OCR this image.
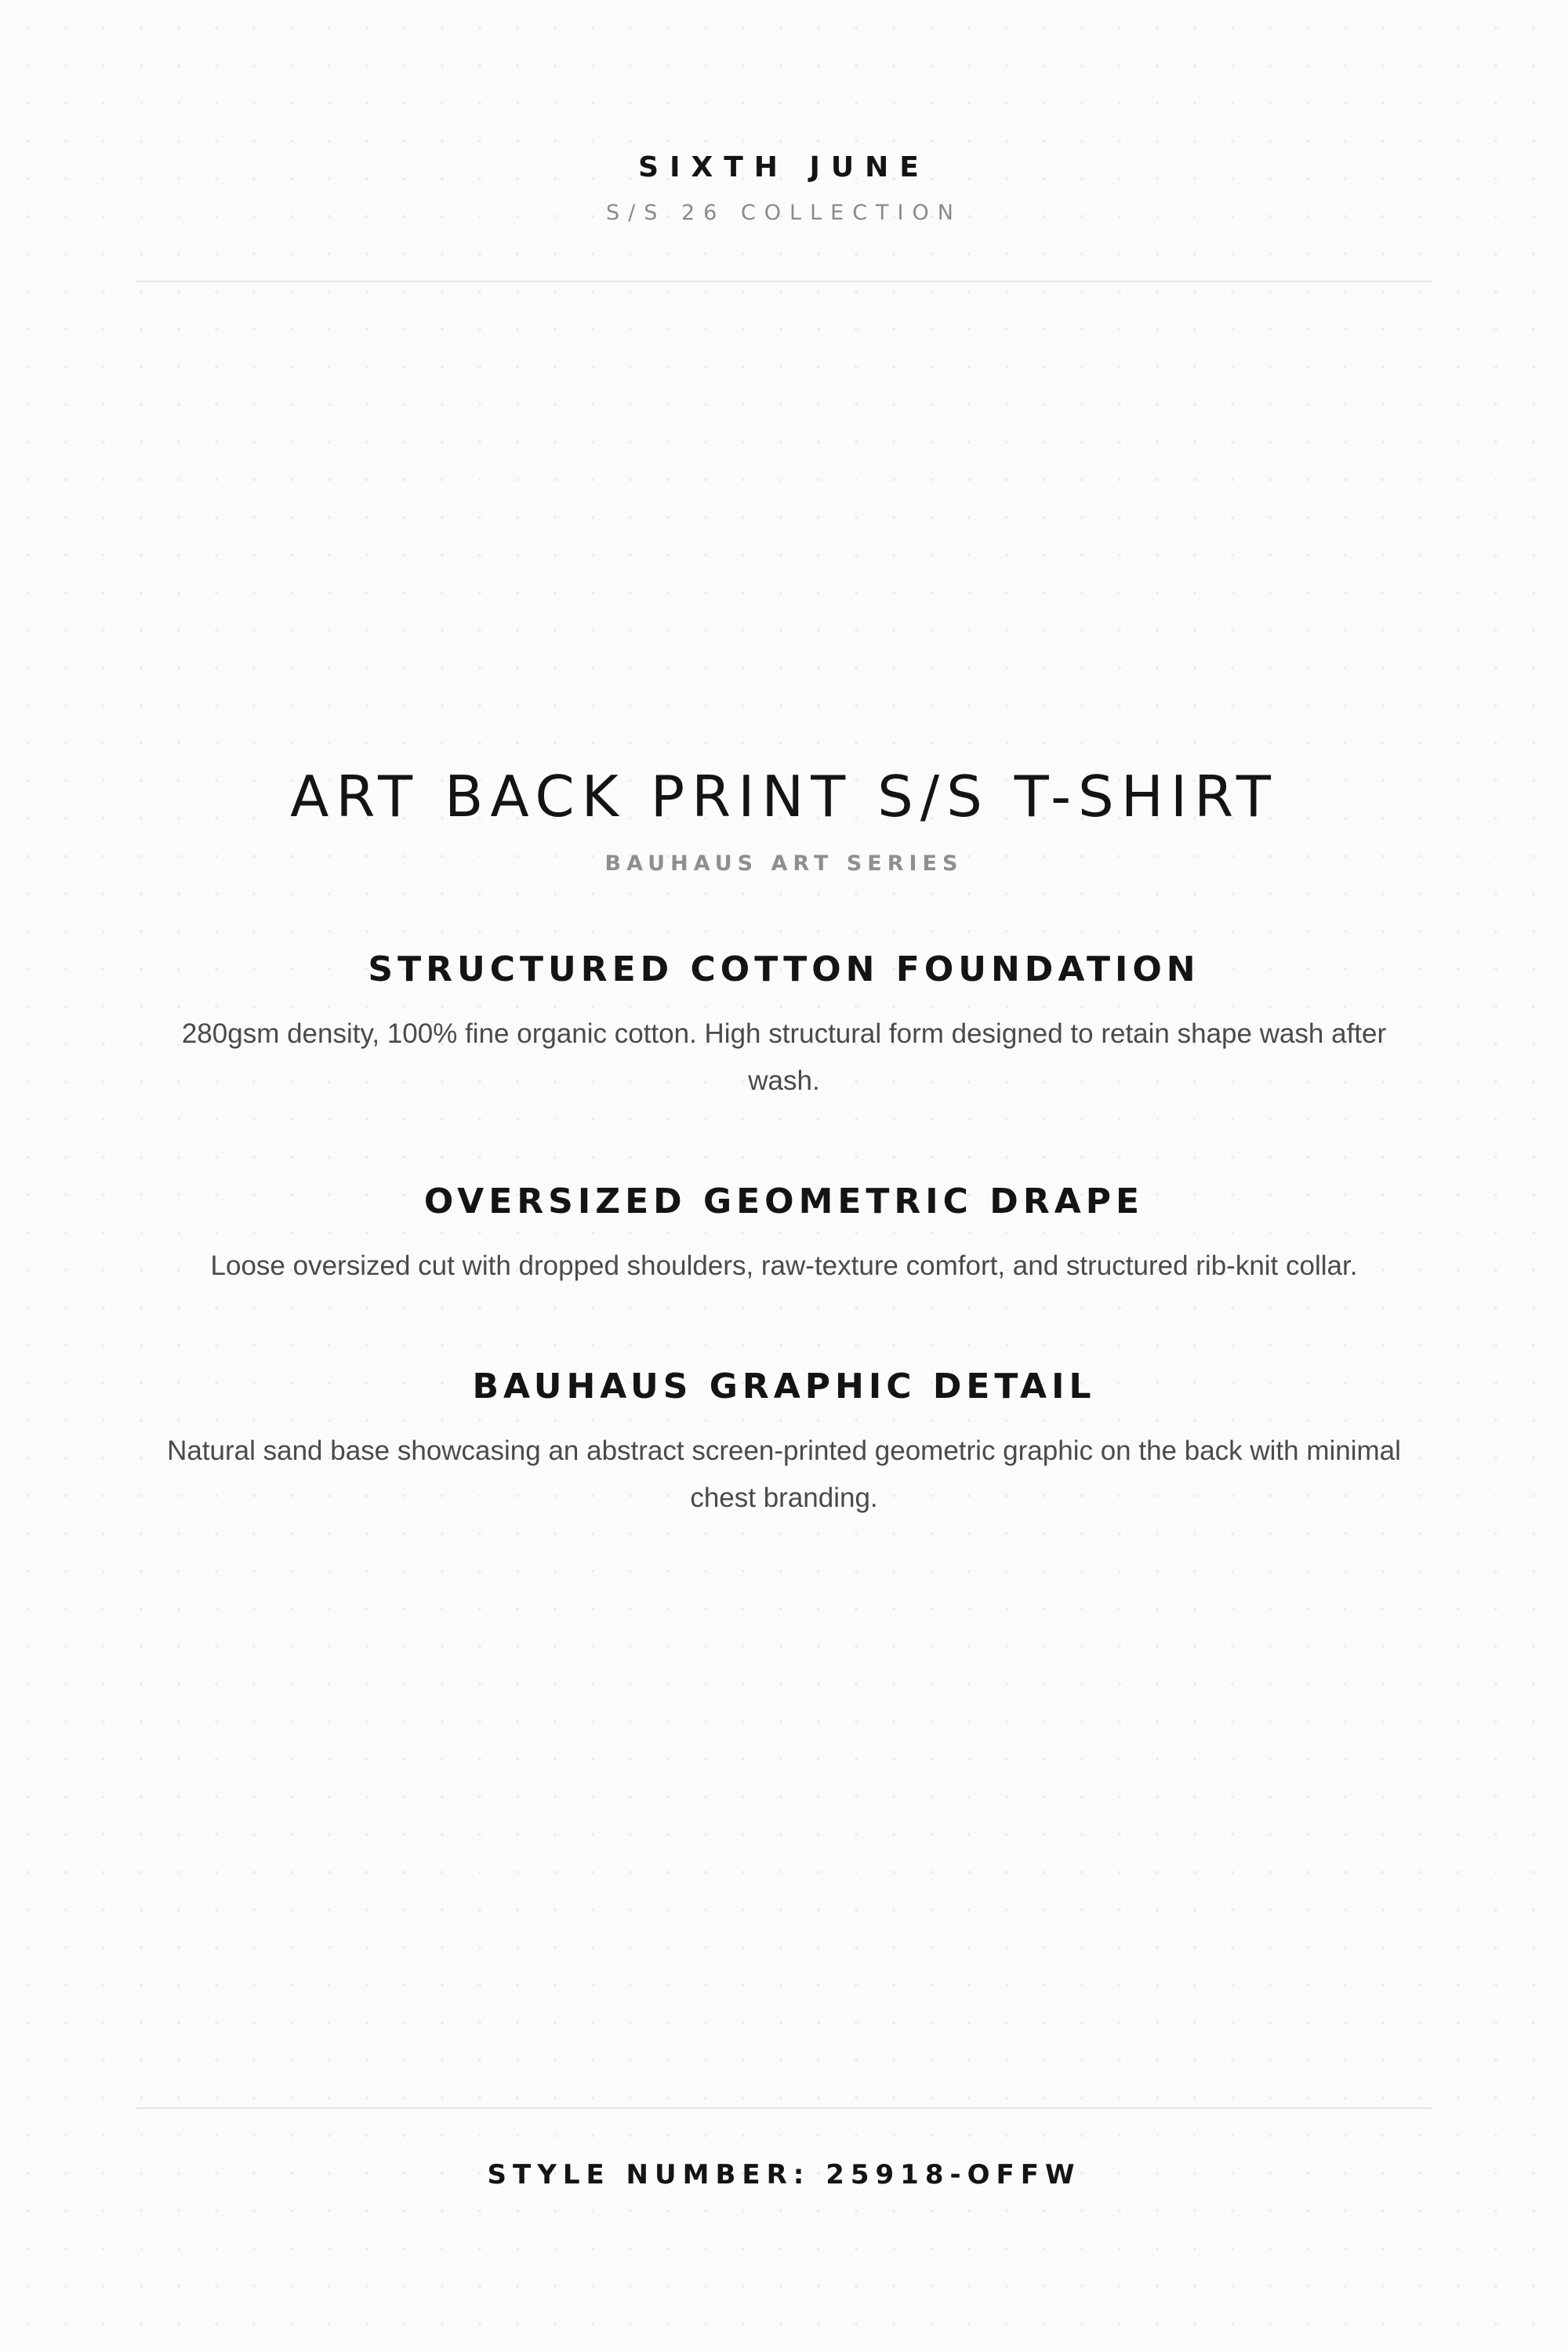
SIXTH JUNE
S/S 26 COLLECTION
ART BACK PRINT S/S T-SHIRT
BAUHAUS ART SERIES
STRUCTURED COTTON FOUNDATION
280gsm density, 100% fine organic cotton. High structural form designed to retain shape wash after wash.
OVERSIZED GEOMETRIC DRAPE
Loose oversized cut with dropped shoulders, raw-texture comfort, and structured rib-knit collar.
BAUHAUS GRAPHIC DETAIL
Natural sand base showcasing an abstract screen-printed geometric graphic on the back with minimal chest branding.
STYLE NUMBER: 25918-OFFW
